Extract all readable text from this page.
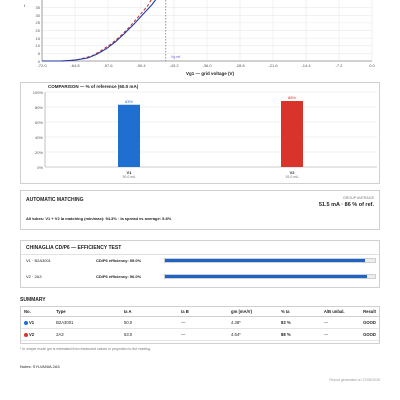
-72.0	-64.8	-57.6	-50.4	-43.2	-36.0	-28.8	-21.6	-14.4	-7.2	0.0
35
30
25
20
15
10
5
0
I
Vg ref
Vg1 — grid voltage (V)
COMPARISON — % of reference (60.0 mA)
100%
80%
60%
40%
20%
0%
83%
V1
50.0 mA
88%
V2
53.0 mA
AUTOMATIC MATCHING	GROUP AVERAGE
51.5 mA · 86 % of ref.
All tubes: V1 + V2 Ia matching (min/max): 94.3% · Ia spread vs average: 5.8%
CHINAGLIA CD/P6 — EFFICIENCY TEST
V1 · B2A3001	CD/P6 efficiency: 95.0%
V2 · 2A3	CD/P6 efficiency: 96.0%
SUMMARY
No.	Type	Ia A	Ia B	gm (mA/V)	% Ia	A/B unbal.	Result
V1	B2A3001	50.0	—	4.38*	83 %	—	GOOD
V2	2A3	53.0	—	4.64*	88 %	—	GOOD
* In simple mode gm is estimated from measured values in proportion to the reading.
Notes: SYLVANIA 2A3
Report generated on 27/05/2026
